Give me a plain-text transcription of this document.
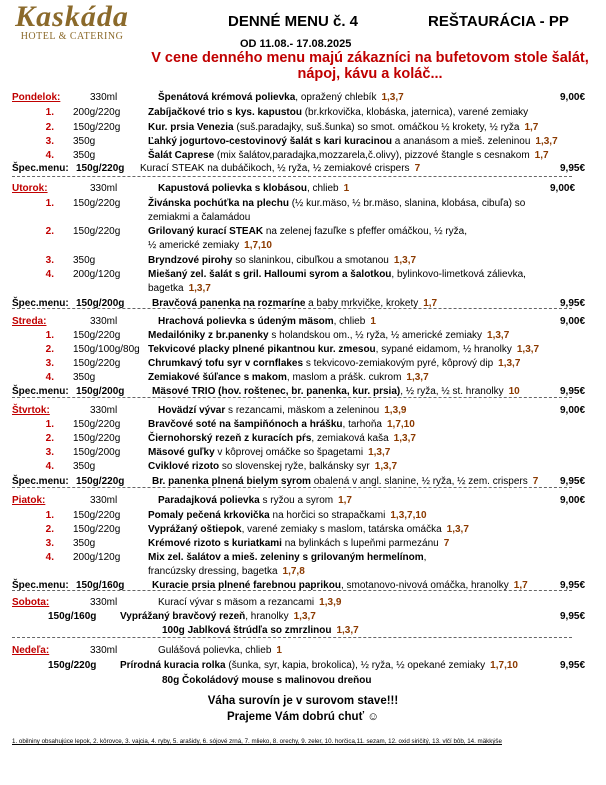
Kaskáda
HOTEL & CATERING
DENNÉ MENU č. 4	REŠTAURÁCIA - PP
OD 11.08.- 17.08.2025
V cene denného menu majú zákazníci na bufetovom stole šalát, nápoj, kávu a koláč...
Pondelok:	330ml	Špenátová krémová polievka, opražený chlebík 1,3,7	9,00€
1. 200g/220g	Zabíjačkové trio s kys. kapustou (br.krkovička, klobáska, jaternica), varené zemiaky
2. 150g/220g	Kur. prsia Venezia (suš.paradajky, suš.šunka) so smot. omáčkou ½ krokety, ½ ryža 1,7
3. 350g	Ľahký jogurtovo-cestovinový šalát s kari kuracinou a ananásom a mieš. zeleninou 1,3,7
4. 350g	Šalát Caprese (mix šalátov,paradajka,mozzarela,č.olivy), pizzové štangle s cesnakom 1,7
Špec.menu: 150g/220g Kurací STEAK na dubáčikoch, ½ ryža, ½ zemiakové crispers 7	9,95€
Utorok:	330ml	Kapustová polievka s klobásou, chlieb 1	9,00€
1. 150g/220g	Živánska pochúťka na plechu (½ kur.mäso, ½ br.mäso, slanina, klobása, cibuľa) so
zemiakmi a čalamádou
2. 150g/220g	Grilovaný kurací STEAK na zelenej fazuľke s pfeffer omáčkou, ½ ryža,
½ americké zemiaky 1,7,10
3. 350g	Bryndzové pirohy so slaninkou, cibuľkou a smotanou 1,3,7
4. 200g/120g	Miešaný zel. šalát s gril. Halloumi syrom a šalotkou, bylinkovo-limetková zálievka,
bagetka 1,3,7
Špec.menu: 150g/200g	Bravčová panenka na rozmaríne a baby mrkvičke, krokety 1,7	9,95€
Streda:	330ml	Hrachová polievka s údeným mäsom, chlieb 1	9,00€
1. 150g/220g	Medailóniky z br.panenky s holandskou om., ½ ryža, ½ americké zemiaky 1,3,7
2. 150g/100g/80g Tekvicové placky plnené pikantnou kur. zmesou, sypané eidamom, ½ hranolky 1,3,7
3. 150g/220g	Chrumkavý tofu syr v cornflakes s tekvicovo-zemiakovým pyré, kôprový dip 1,3,7
4. 350g	Zemiakové šúľance s makom, maslom a prášk. cukrom 1,3,7
Špec.menu: 150g/200g	Mäsové TRIO (hov. roštenec, br. panenka, kur. prsia), ½ ryža, ½ st. hranolky 10	9,95€
Štvrtok:	330ml	Hovädzí vývar s rezancami, mäskom a zeleninou 1,3,9	9,00€
1. 150g/220g	Bravčové soté na šampiňónoch a hrášku, tarhoňa 1,7,10
2. 150g/220g	Čiernohorský rezeň z kuracích pŕs, zemiaková kaša 1,3,7
3. 150g/200g	Mäsové guľky v kôprovej omáčke so špagetami 1,3,7
4. 350g	Cviklové rizoto so slovenskej ryže, balkánsky syr 1,3,7
Špec.menu: 150g/220g	Br. panenka plnená bielym syrom obalená v angl. slanine, ½ ryža, ½ zem. crispers 7 9,95€
Piatok:	330ml	Paradajková polievka s ryžou a syrom 1,7	9,00€
1. 150g/220g	Pomaly pečená krkovička na horčici so strapačkami 1,3,7,10
2. 150g/220g	Vyprážaný oštiepok, varené zemiaky s maslom, tatárska omáčka 1,3,7
3. 350g	Krémové rizoto s kuriatkami na bylinkách s lupeňmi parmezánu 7
4. 200g/120g	Mix zel. šalátov a mieš. zeleniny s grilovaným hermelínom,
francúzsky dressing, bagetka 1,7,8
Špec.menu: 150g/160g	Kuracie prsia plnené farebnou paprikou, smotanovo-nivová omáčka, hranolky 1,7	9,95€
Sobota:	330ml	Kurací vývar s mäsom a rezancami 1,3,9
150g/160g Vyprážaný bravčový rezeň, hranolky 1,3,7	9,95€
100g Jablková štrúdľa so zmrzlinou 1,3,7
Nedeľa:	330ml	Gulášová polievka, chlieb 1
150g/220g Prírodná kuracia rolka (šunka, syr, kapia, brokolica), ½ ryža, ½ opekané zemiaky 1,7,10	9,95€
80g Čokoládový mouse s malinovou dreňou
Váha surovín je v surovom stave!!!
Prajeme Vám dobrú chuť ☺
1. obilniny obsahujúce lepok, 2. kôrovce, 3. vajcia, 4. ryby, 5. arašidy, 6. sójové zrná, 7. mlieko, 8. orechy, 9. zeler, 10. horčica,11. sezam, 12. oxid siričitý, 13. vlčí bôb, 14. mäkkýše
